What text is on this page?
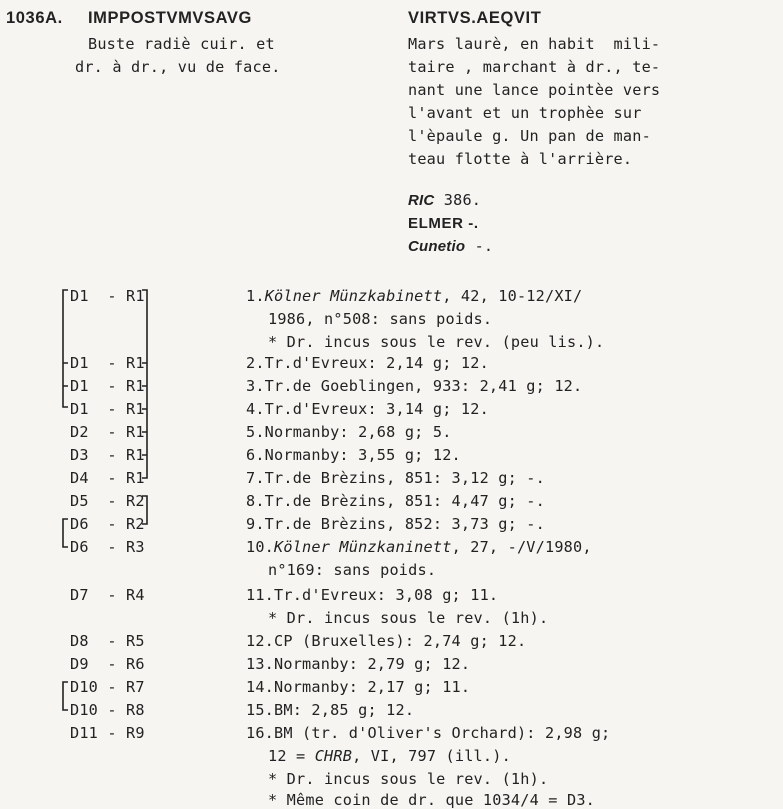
1036A. IMPPOSTVMVSAVG	VIRTVS.AEQVIT
Buste radiè cuir. et
dr. à dr., vu de face.
Mars laurè, en habit  mili-
taire , marchant à dr., te-
nant une lance pointèe vers
l'avant et un trophèe sur
l'èpaule g. Un pan de man-
teau flotte à l'arrière.
RIC 386.
ELMER -.
Cunetio -.
D1  - R1
D1  - R1
D1  - R1
D1  - R1
D2  - R1
D3  - R1
D4  - R1
D5  - R2
D6  - R2
D6  - R3
D7  - R4
D8  - R5
D9  - R6
D10 - R7
D10 - R8
D11 - R9
1.Kölner Münzkabinett, 42, 10-12/XI/
1986, n°508: sans poids.
* Dr. incus sous le rev. (peu lis.).
2.Tr.d'Evreux: 2,14 g; 12.
3.Tr.de Goeblingen, 933: 2,41 g; 12.
4.Tr.d'Evreux: 3,14 g; 12.
5.Normanby: 2,68 g; 5.
6.Normanby: 3,55 g; 12.
7.Tr.de Brèzins, 851: 3,12 g; -.
8.Tr.de Brèzins, 851: 4,47 g; -.
9.Tr.de Brèzins, 852: 3,73 g; -.
10.Kölner Münzkaninett, 27, -/V/1980,
n°169: sans poids.
11.Tr.d'Evreux: 3,08 g; 11.
* Dr. incus sous le rev. (1h).
12.CP (Bruxelles): 2,74 g; 12.
13.Normanby: 2,79 g; 12.
14.Normanby: 2,17 g; 11.
15.BM: 2,85 g; 12.
16.BM (tr. d'Oliver's Orchard): 2,98 g;
12 = CHRB, VI, 797 (ill.).
* Dr. incus sous le rev. (1h).
* Même coin de dr. que 1034/4 = D3.
